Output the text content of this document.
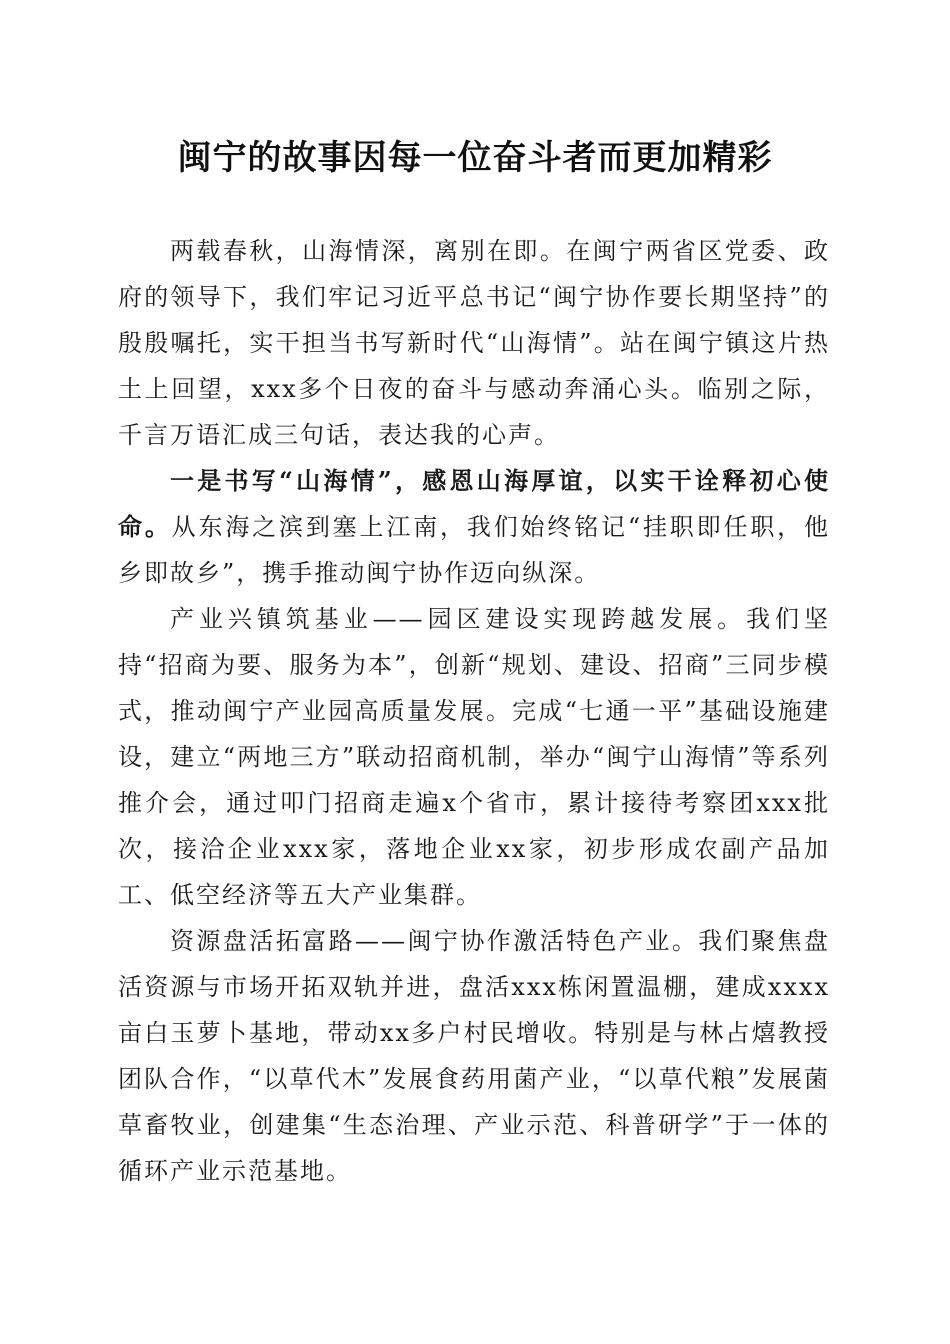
闽宁的故事因每一位奋斗者而更加精彩

两载春秋，山海情深，离别在即。在闽宁两省区党委、政府的领导下，我们牢记习近平总书记“闽宁协作要长期坚持”的殷殷嘱托，实干担当书写新时代“山海情”。站在闽宁镇这片热土上回望，xxx多个日夜的奋斗与感动奔涌心头。临别之际，千言万语汇成三句话，表达我的心声。

一是书写“山海情”，感恩山海厚谊，以实干诠释初心使命。从东海之滨到塞上江南，我们始终铭记“挂职即任职，他乡即故乡”，携手推动闽宁协作迈向纵深。

产业兴镇筑基业——园区建设实现跨越发展。我们坚持“招商为要、服务为本”，创新“规划、建设、招商”三同步模式，推动闽宁产业园高质量发展。完成“七通一平”基础设施建设，建立“两地三方”联动招商机制，举办“闽宁山海情”等系列推介会，通过叩门招商走遍x个省市，累计接待考察团xxx批次，接洽企业xxx家，落地企业xx家，初步形成农副产品加工、低空经济等五大产业集群。

资源盘活拓富路——闽宁协作激活特色产业。我们聚焦盘活资源与市场开拓双轨并进，盘活xxx栋闲置温棚，建成xxxx亩白玉萝卜基地，带动xx多户村民增收。特别是与林占熺教授团队合作，“以草代木”发展食药用菌产业，“以草代粮”发展菌草畜牧业，创建集“生态治理、产业示范、科普研学”于一体的循环产业示范基地。
